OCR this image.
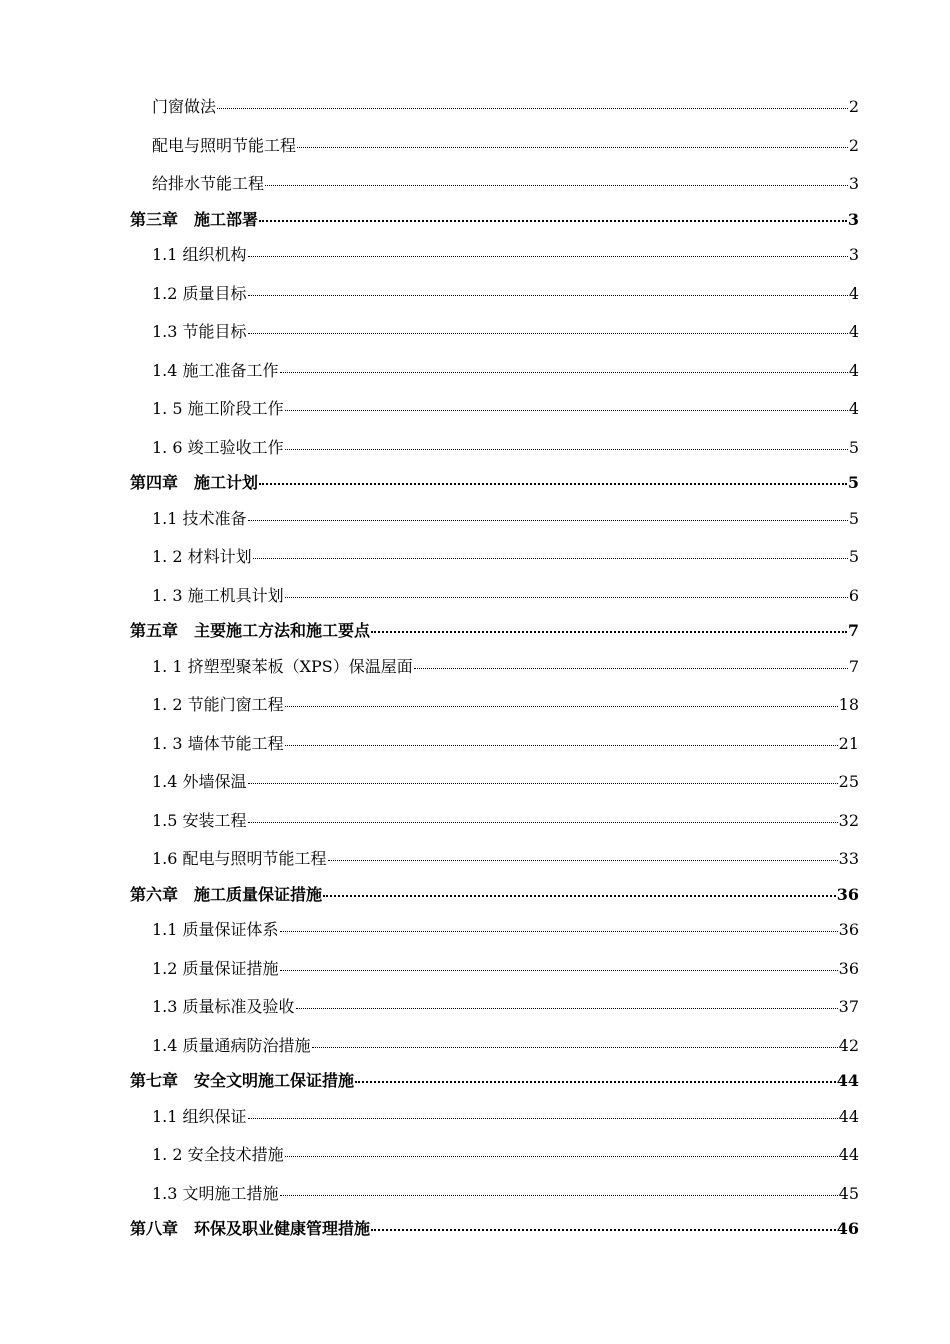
门窗做法	2
配电与照明节能工程	2
给排水节能工程	3
第三章　施工部署	3
1.1 组织机构	3
1.2 质量目标	4
1.3 节能目标	4
1.4 施工准备工作	4
1. 5 施工阶段工作	4
1. 6 竣工验收工作	5
第四章　施工计划	5
1.1 技术准备	5
1. 2 材料计划	5
1. 3 施工机具计划	6
第五章　主要施工方法和施工要点	7
1. 1 挤塑型聚苯板（XPS）保温屋面	7
1. 2 节能门窗工程	18
1. 3 墙体节能工程	21
1.4 外墙保温	25
1.5 安装工程	32
1.6 配电与照明节能工程	33
第六章　施工质量保证措施	36
1.1 质量保证体系	36
1.2 质量保证措施	36
1.3 质量标准及验收	37
1.4 质量通病防治措施	42
第七章　安全文明施工保证措施	44
1.1 组织保证	44
1. 2 安全技术措施	44
1.3 文明施工措施	45
第八章　环保及职业健康管理措施	46
